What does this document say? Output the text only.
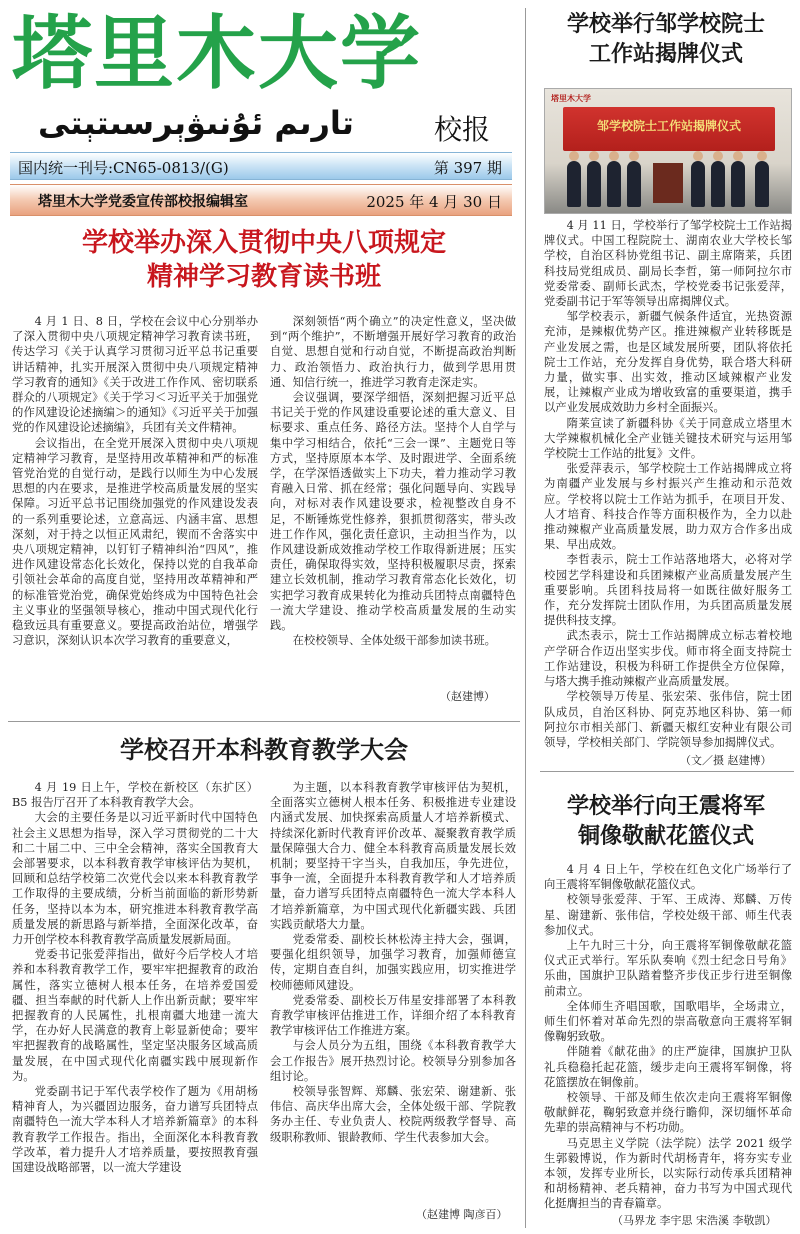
塔里木大学
تارىم ئۇنىۋېرسىتېتى	校报
国内统一刊号:CN65-0813/(G)	第 397 期
塔里木大学党委宣传部校报编辑室	2025 年 4 月 30 日
学校举办深入贯彻中央八项规定
精神学习教育读书班

4 月 1 日、8 日，学校在会议中心分别举办了深入贯彻中央八项规定精神学习教育读书班，传达学习《关于认真学习贯彻习近平总书记重要讲话精神，扎实开展深入贯彻中央八项规定精神学习教育的通知》《关于改进工作作风、密切联系群众的八项规定》《关于学习＜习近平关于加强党的作风建设论述摘编＞的通知》《习近平关于加强党的作风建设论述摘编》，兵团有关文件精神。

会议指出，在全党开展深入贯彻中央八项规定精神学习教育，是坚持用改革精神和严的标准管党治党的自觉行动，是践行以师生为中心发展思想的内在要求，是推进学校高质量发展的坚实保障。习近平总书记围绕加强党的作风建设发表的一系列重要论述，立意高远、内涵丰富、思想深刻，对于持之以恒正风肃纪，锲而不舍落实中央八项规定精神，以钉钉子精神纠治“四风”，推进作风建设常态化长效化，保持以党的自我革命引领社会革命的高度自觉，坚持用改革精神和严的标准管党治党，确保党始终成为中国特色社会主义事业的坚强领导核心，推动中国式现代化行稳致远具有重要意义。要提高政治站位，增强学习意识，深刻认识本次学习教育的重要意义，

深刻领悟“两个确立”的决定性意义，坚决做到“两个维护”，不断增强开展好学习教育的政治自觉、思想自觉和行动自觉，不断提高政治判断力、政治领悟力、政治执行力，做到学思用贯通、知信行统一，推进学习教育走深走实。

会议强调，要深学细悟，深刻把握习近平总书记关于党的作风建设重要论述的重大意义、目标要求、重点任务、路径方法。坚持个人自学与集中学习相结合，依托“三会一课”、主题党日等方式，坚持原原本本学、及时跟进学、全面系统学，在学深悟透做实上下功夫，着力推动学习教育融入日常、抓在经常；强化问题导向、实践导向，对标对表作风建设要求，检视整改自身不足，不断锤炼党性修养，狠抓贯彻落实，带头改进工作作风，强化责任意识，主动担当作为，以作风建设新成效推动学校工作取得新进展；压实责任，确保取得实效，坚持积极履职尽责，探索建立长效机制，推动学习教育常态化长效化，切实把学习教育成果转化为推动兵团特点南疆特色一流大学建设、推动学校高质量发展的生动实践。

在校校领导、全体处级干部参加读书班。

（赵建博）
学校召开本科教育教学大会

4 月 19 日上午，学校在新校区（东扩区）B5 报告厅召开了本科教育教学大会。

大会的主要任务是以习近平新时代中国特色社会主义思想为指导，深入学习贯彻党的二十大和二十届二中、三中全会精神，落实全国教育大会部署要求，以本科教育教学审核评估为契机，回顾和总结学校第二次党代会以来本科教育教学工作取得的主要成绩，分析当前面临的新形势新任务，坚持以本为本，研究推进本科教育教学高质量发展的新思路与新举措，全面深化改革，奋力开创学校本科教育教学高质量发展新局面。

党委书记张爱萍指出，做好今后学校人才培养和本科教育教学工作，要牢牢把握教育的政治属性，落实立德树人根本任务，在培养爱国爱疆、担当奉献的时代新人上作出新贡献；要牢牢把握教育的人民属性，扎根南疆大地建一流大学，在办好人民满意的教育上彰显新使命；要牢牢把握教育的战略属性，坚定坚决服务区域高质量发展，在中国式现代化南疆实践中展现新作为。

党委副书记于军代表学校作了题为《用胡杨精神育人，为兴疆固边服务，奋力谱写兵团特点南疆特色一流大学本科人才培养新篇章》的本科教育教学工作报告。指出，全面深化本科教育教学改革，着力提升人才培养质量，要按照教育强国建设战略部署，以一流大学建设

为主题，以本科教育教学审核评估为契机，全面落实立德树人根本任务、积极推进专业建设内涵式发展、加快探索高质量人才培养新模式、持续深化新时代教育评价改革、凝聚教育教学质量保障强大合力、健全本科教育高质量发展长效机制；要坚持干字当头，自我加压，争先进位，事争一流，全面提升本科教育教学和人才培养质量，奋力谱写兵团特点南疆特色一流大学本科人才培养新篇章，为中国式现代化新疆实践、兵团实践贡献塔大力量。

党委常委、副校长林松涛主持大会，强调，要强化组织领导，加强学习教育，加强师德宣传，定期自查自纠，加强实践应用，切实推进学校师德师风建设。

党委常委、副校长万伟星安排部署了本科教育教学审核评估推进工作，详细介绍了本科教育教学审核评估工作推进方案。

与会人员分为五组，围绕《本科教育教学大会工作报告》展开热烈讨论。校领导分别参加各组讨论。

校领导张智辉、郑麟、张宏荣、谢建新、张伟信、高庆华出席大会，全体处级干部、学院教务办主任、专业负责人、校院两级教学督导、高级职称教师、银龄教师、学生代表参加大会。

（赵建博 陶彦百）
学校举行邹学校院士
工作站揭牌仪式
塔里木大学
邹学校院士工作站揭牌仪式

4 月 11 日，学校举行了邹学校院士工作站揭牌仪式。中国工程院院士、湖南农业大学校长邹学校，自治区科协党组书记、副主席隋莱，兵团科技局党组成员、副局长李哲，第一师阿拉尔市党委常委、副师长武杰，学校党委书记张爱萍，党委副书记于军等领导出席揭牌仪式。

邹学校表示，新疆气候条件适宜，光热资源充沛，是辣椒优势产区。推进辣椒产业转移既是产业发展之需，也是区域发展所要，团队将依托院士工作站，充分发挥自身优势，联合塔大科研力量，做实事、出实效，推动区域辣椒产业发展，让辣椒产业成为增收致富的重要渠道，携手以产业发展成效助力乡村全面振兴。

隋莱宣读了新疆科协《关于同意成立塔里木大学辣椒机械化全产业链关键技术研究与运用邹学校院士工作站的批复》文件。

张爱萍表示，邹学校院士工作站揭牌成立将为南疆产业发展与乡村振兴产生推动和示范效应。学校将以院士工作站为抓手，在项目开发、人才培育、科技合作等方面积极作为，全力以赴推动辣椒产业高质量发展，助力双方合作多出成果、早出成效。

李哲表示，院士工作站落地塔大，必将对学校园艺学科建设和兵团辣椒产业高质量发展产生重要影响。兵团科技局将一如既往做好服务工作，充分发挥院士团队作用，为兵团高质量发展提供科技支撑。

武杰表示，院士工作站揭牌成立标志着校地产学研合作迈出坚实步伐。师市将全面支持院士工作站建设，积极为科研工作提供全方位保障，与塔大携手推动辣椒产业高质量发展。

学校领导万传星、张宏荣、张伟信，院士团队成员，自治区科协、阿克苏地区科协、第一师阿拉尔市相关部门、新疆天椒红安种业有限公司领导，学校相关部门、学院领导参加揭牌仪式。

（文／摄 赵建博）
学校举行向王震将军
铜像敬献花篮仪式

4 月 4 日上午，学校在红色文化广场举行了向王震将军铜像敬献花篮仪式。

校领导张爱萍、于军、王成涛、郑麟、万传星、谢建新、张伟信，学校处级干部、师生代表参加仪式。

上午九时三十分，向王震将军铜像敬献花篮仪式正式举行。军乐队奏响《烈士纪念日号角》乐曲，国旗护卫队踏着整齐步伐正步行进至铜像前肃立。

全体师生齐唱国歌，国歌唱毕，全场肃立，师生们怀着对革命先烈的崇高敬意向王震将军铜像鞠躬致敬。

伴随着《献花曲》的庄严旋律，国旗护卫队礼兵稳稳托起花篮，缓步走向王震将军铜像，将花篮摆放在铜像前。

校领导、干部及师生依次走向王震将军铜像敬献鲜花，鞠躬致意并绕行瞻仰，深切缅怀革命先辈的崇高精神与不朽功勋。

马克思主义学院（法学院）法学 2021 级学生郭毅博说，作为新时代胡杨青年，将夯实专业本领，发挥专业所长，以实际行动传承兵团精神和胡杨精神、老兵精神，奋力书写为中国式现代化挺膺担当的青春篇章。

（马界龙 李宇思 宋浩溪 李敬凯）
